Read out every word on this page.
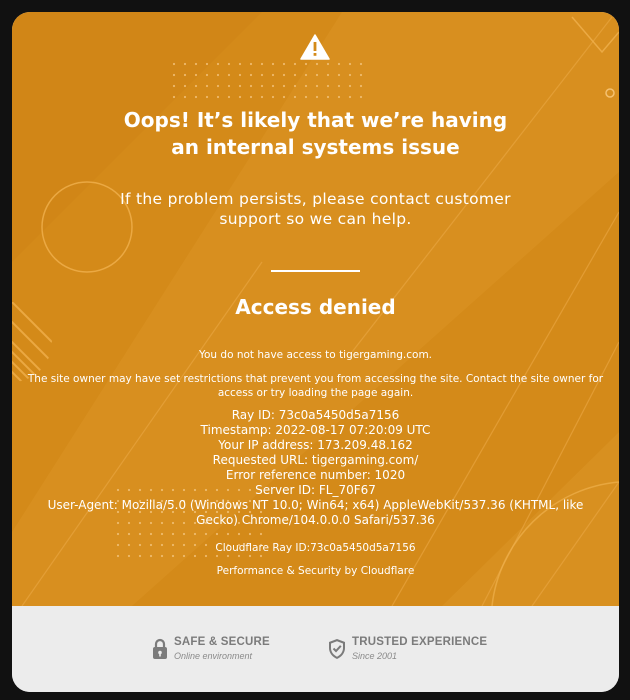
Oops! It’s likely that we’re having
an internal systems issue
If the problem persists, please contact customer
support so we can help.
Access denied
You do not have access to tigergaming.com.
The site owner may have set restrictions that prevent you from accessing the site. Contact the site owner for
access or try loading the page again.
Ray ID: 73c0a5450d5a7156
Timestamp: 2022-08-17 07:20:09 UTC
Your IP address: 173.209.48.162
Requested URL: tigergaming.com/
Error reference number: 1020
Server ID: FL_70F67
User-Agent: Mozilla/5.0 (Windows NT 10.0; Win64; x64) AppleWebKit/537.36 (KHTML, like
Gecko) Chrome/104.0.0.0 Safari/537.36
Cloudflare Ray ID:73c0a5450d5a7156
Performance & Security by Cloudflare
SAFE & SECURE
Online environment
TRUSTED EXPERIENCE
Since 2001
